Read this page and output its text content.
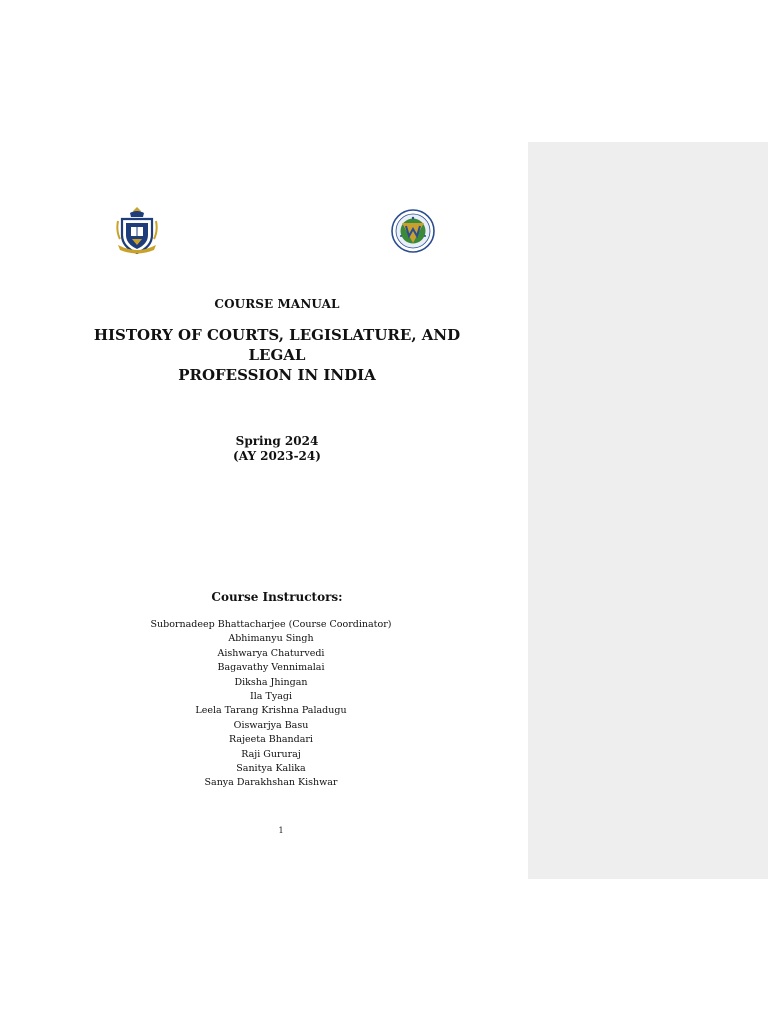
COURSE MANUAL

HISTORY OF COURTS, LEGISLATURE, AND LEGAL
PROFESSION IN INDIA
Spring 2024
(AY 2023-24)

Course Instructors:

Subornadeep Bhattacharjee (Course Coordinator)
Abhimanyu Singh
Aishwarya Chaturvedi
Bagavathy Vennimalai
Diksha Jhingan
Ila Tyagi
Leela Tarang Krishna Paladugu
Oiswarjya Basu
Rajeeta Bhandari
Raji Gururaj
Sanitya Kalika
Sanya Darakhshan Kishwar

1
